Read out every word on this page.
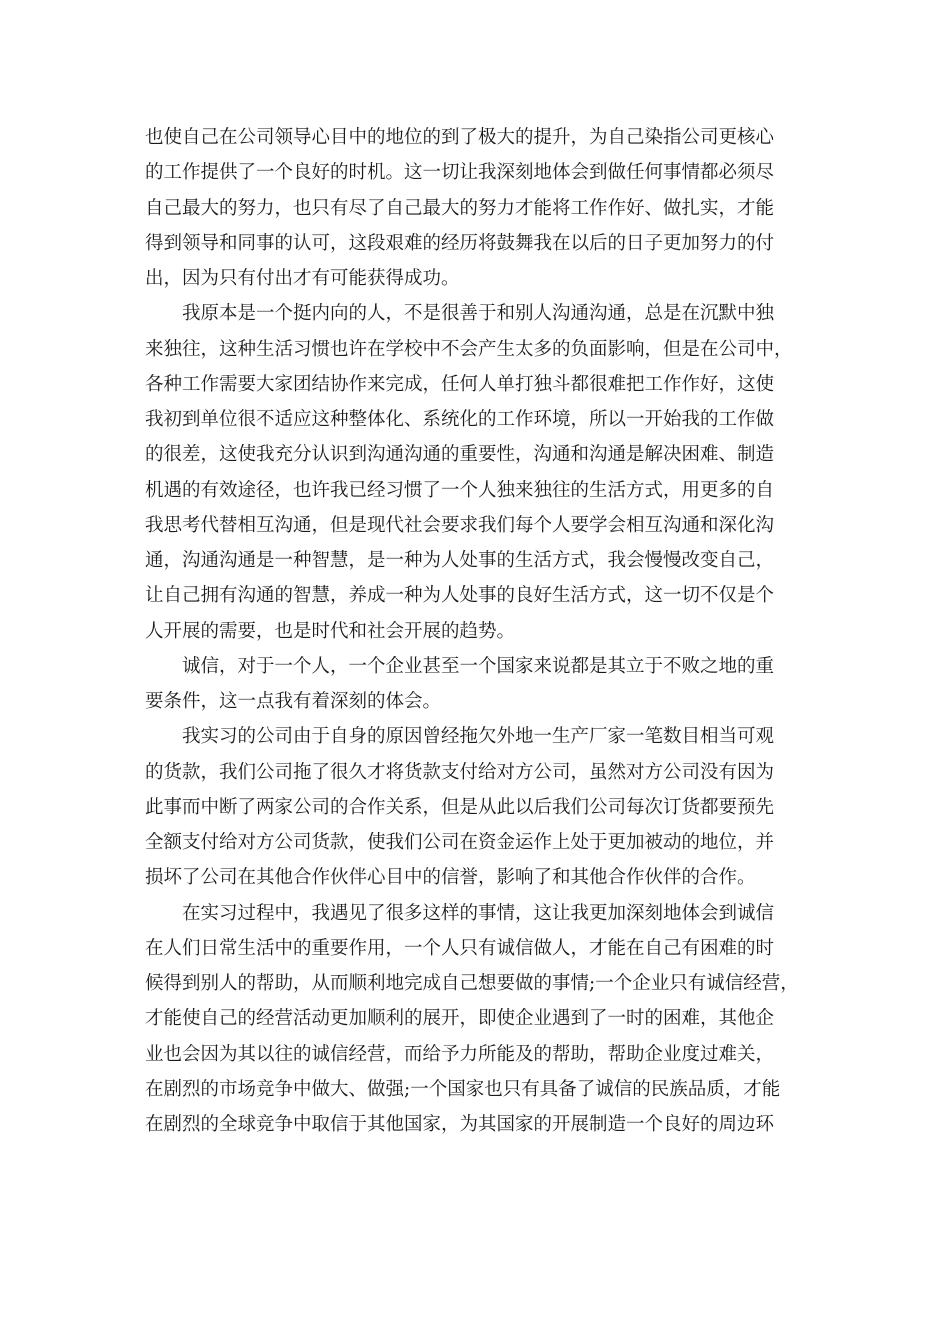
也使自己在公司领导心目中的地位的到了极大的提升，为自己染指公司更核心
的工作提供了一个良好的时机。这一切让我深刻地体会到做任何事情都必须尽
自己最大的努力，也只有尽了自己最大的努力才能将工作作好、做扎实，才能
得到领导和同事的认可，这段艰难的经历将鼓舞我在以后的日子更加努力的付
出，因为只有付出才有可能获得成功。
我原本是一个挺内向的人，不是很善于和别人沟通沟通，总是在沉默中独
来独往，这种生活习惯也许在学校中不会产生太多的负面影响，但是在公司中，
各种工作需要大家团结协作来完成，任何人单打独斗都很难把工作作好，这使
我初到单位很不适应这种整体化、系统化的工作环境，所以一开始我的工作做
的很差，这使我充分认识到沟通沟通的重要性，沟通和沟通是解决困难、制造
机遇的有效途径，也许我已经习惯了一个人独来独往的生活方式，用更多的自
我思考代替相互沟通，但是现代社会要求我们每个人要学会相互沟通和深化沟
通，沟通沟通是一种智慧，是一种为人处事的生活方式，我会慢慢改变自己，
让自己拥有沟通的智慧，养成一种为人处事的良好生活方式，这一切不仅是个
人开展的需要，也是时代和社会开展的趋势。
诚信，对于一个人，一个企业甚至一个国家来说都是其立于不败之地的重
要条件，这一点我有着深刻的体会。
我实习的公司由于自身的原因曾经拖欠外地一生产厂家一笔数目相当可观
的货款，我们公司拖了很久才将货款支付给对方公司，虽然对方公司没有因为
此事而中断了两家公司的合作关系，但是从此以后我们公司每次订货都要预先
全额支付给对方公司货款，使我们公司在资金运作上处于更加被动的地位，并
损坏了公司在其他合作伙伴心目中的信誉，影响了和其他合作伙伴的合作。
在实习过程中，我遇见了很多这样的事情，这让我更加深刻地体会到诚信
在人们日常生活中的重要作用，一个人只有诚信做人，才能在自己有困难的时
候得到别人的帮助，从而顺利地完成自己想要做的事情;一个企业只有诚信经营，
才能使自己的经营活动更加顺利的展开，即使企业遇到了一时的困难，其他企
业也会因为其以往的诚信经营，而给予力所能及的帮助，帮助企业度过难关，
在剧烈的市场竞争中做大、做强;一个国家也只有具备了诚信的民族品质，才能
在剧烈的全球竞争中取信于其他国家，为其国家的开展制造一个良好的周边环
